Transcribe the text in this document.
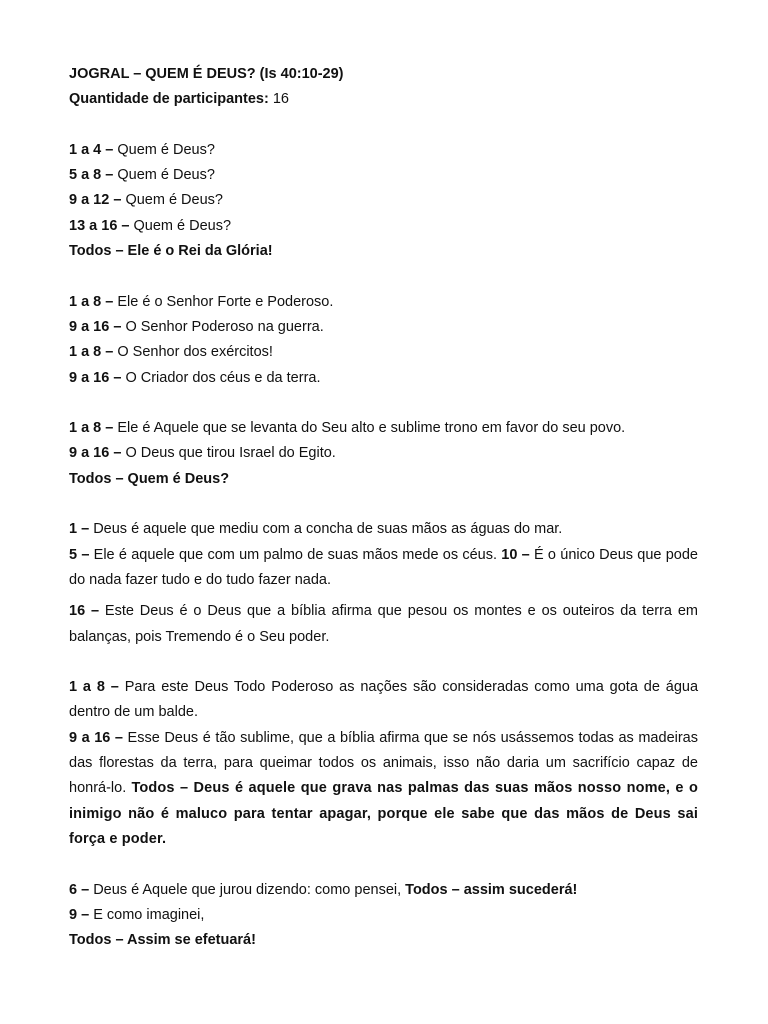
JOGRAL – QUEM É DEUS? (Is 40:10-29)

Quantidade de participantes: 16

1 a 4 – Quem é Deus?

5 a 8 – Quem é Deus?

9 a 12 – Quem é Deus?

13 a 16 – Quem é Deus?

Todos – Ele é o Rei da Glória!

1 a 8 – Ele é o Senhor Forte e Poderoso.

9 a 16 – O Senhor Poderoso na guerra.

1 a 8 – O Senhor dos exércitos!

9 a 16 – O Criador dos céus e da terra.

1 a 8 – Ele é Aquele que se levanta do Seu alto e sublime trono em favor do seu povo.

9 a 16 – O Deus que tirou Israel do Egito.

Todos – Quem é Deus?

1 – Deus é aquele que mediu com a concha de suas mãos as águas do mar.

5 – Ele é aquele que com um palmo de suas mãos mede os céus. 10 – É o único Deus que pode do nada fazer tudo e do tudo fazer nada.

16 – Este Deus é o Deus que a bíblia afirma que pesou os montes e os outeiros da terra em balanças, pois Tremendo é o Seu poder.

1 a 8 – Para este Deus Todo Poderoso as nações são consideradas como uma gota de água dentro de um balde.

9 a 16 – Esse Deus é tão sublime, que a bíblia afirma que se nós usássemos todas as madeiras das florestas da terra, para queimar todos os animais, isso não daria um sacrifício capaz de honrá-lo. Todos – Deus é aquele que grava nas palmas das suas mãos nosso nome, e o inimigo não é maluco para tentar apagar, porque ele sabe que das mãos de Deus sai força e poder.

6 – Deus é Aquele que jurou dizendo: como pensei, Todos – assim sucederá!

9 – E como imaginei,

Todos – Assim se efetuará!
